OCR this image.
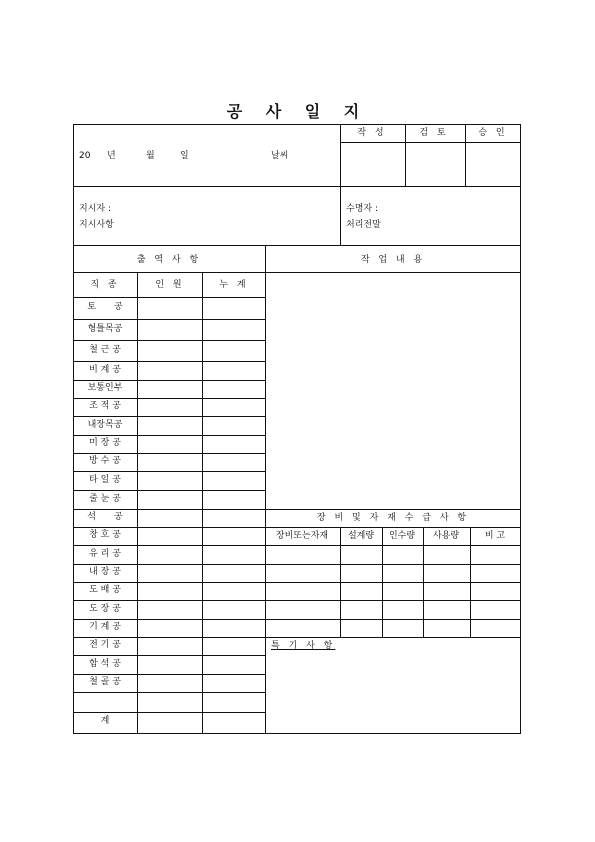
공 사 일 지
작 성	검 토	승 인
20 년	월	일	날씨
지시자 :
지시사항
수명자 :
처리전말
출 역 사 항	작 업 내 용
직 종	인 원	누 계
토　　공
형틀목공
철 근 공
비 계 공
보통인부
조 적 공
내장목공
미 장 공
방 수 공
타 일 공
줄 눈 공
석　　공
창 호 공
유 리 공
내 장 공
도 배 공
도 장 공
기 계 공
전 기 공
함 석 공
철 골 공
계
장 비 및 자 재 수 급 사 항
장비또는자재 설계량 인수량 사용량	비 고
특 기 사 항
